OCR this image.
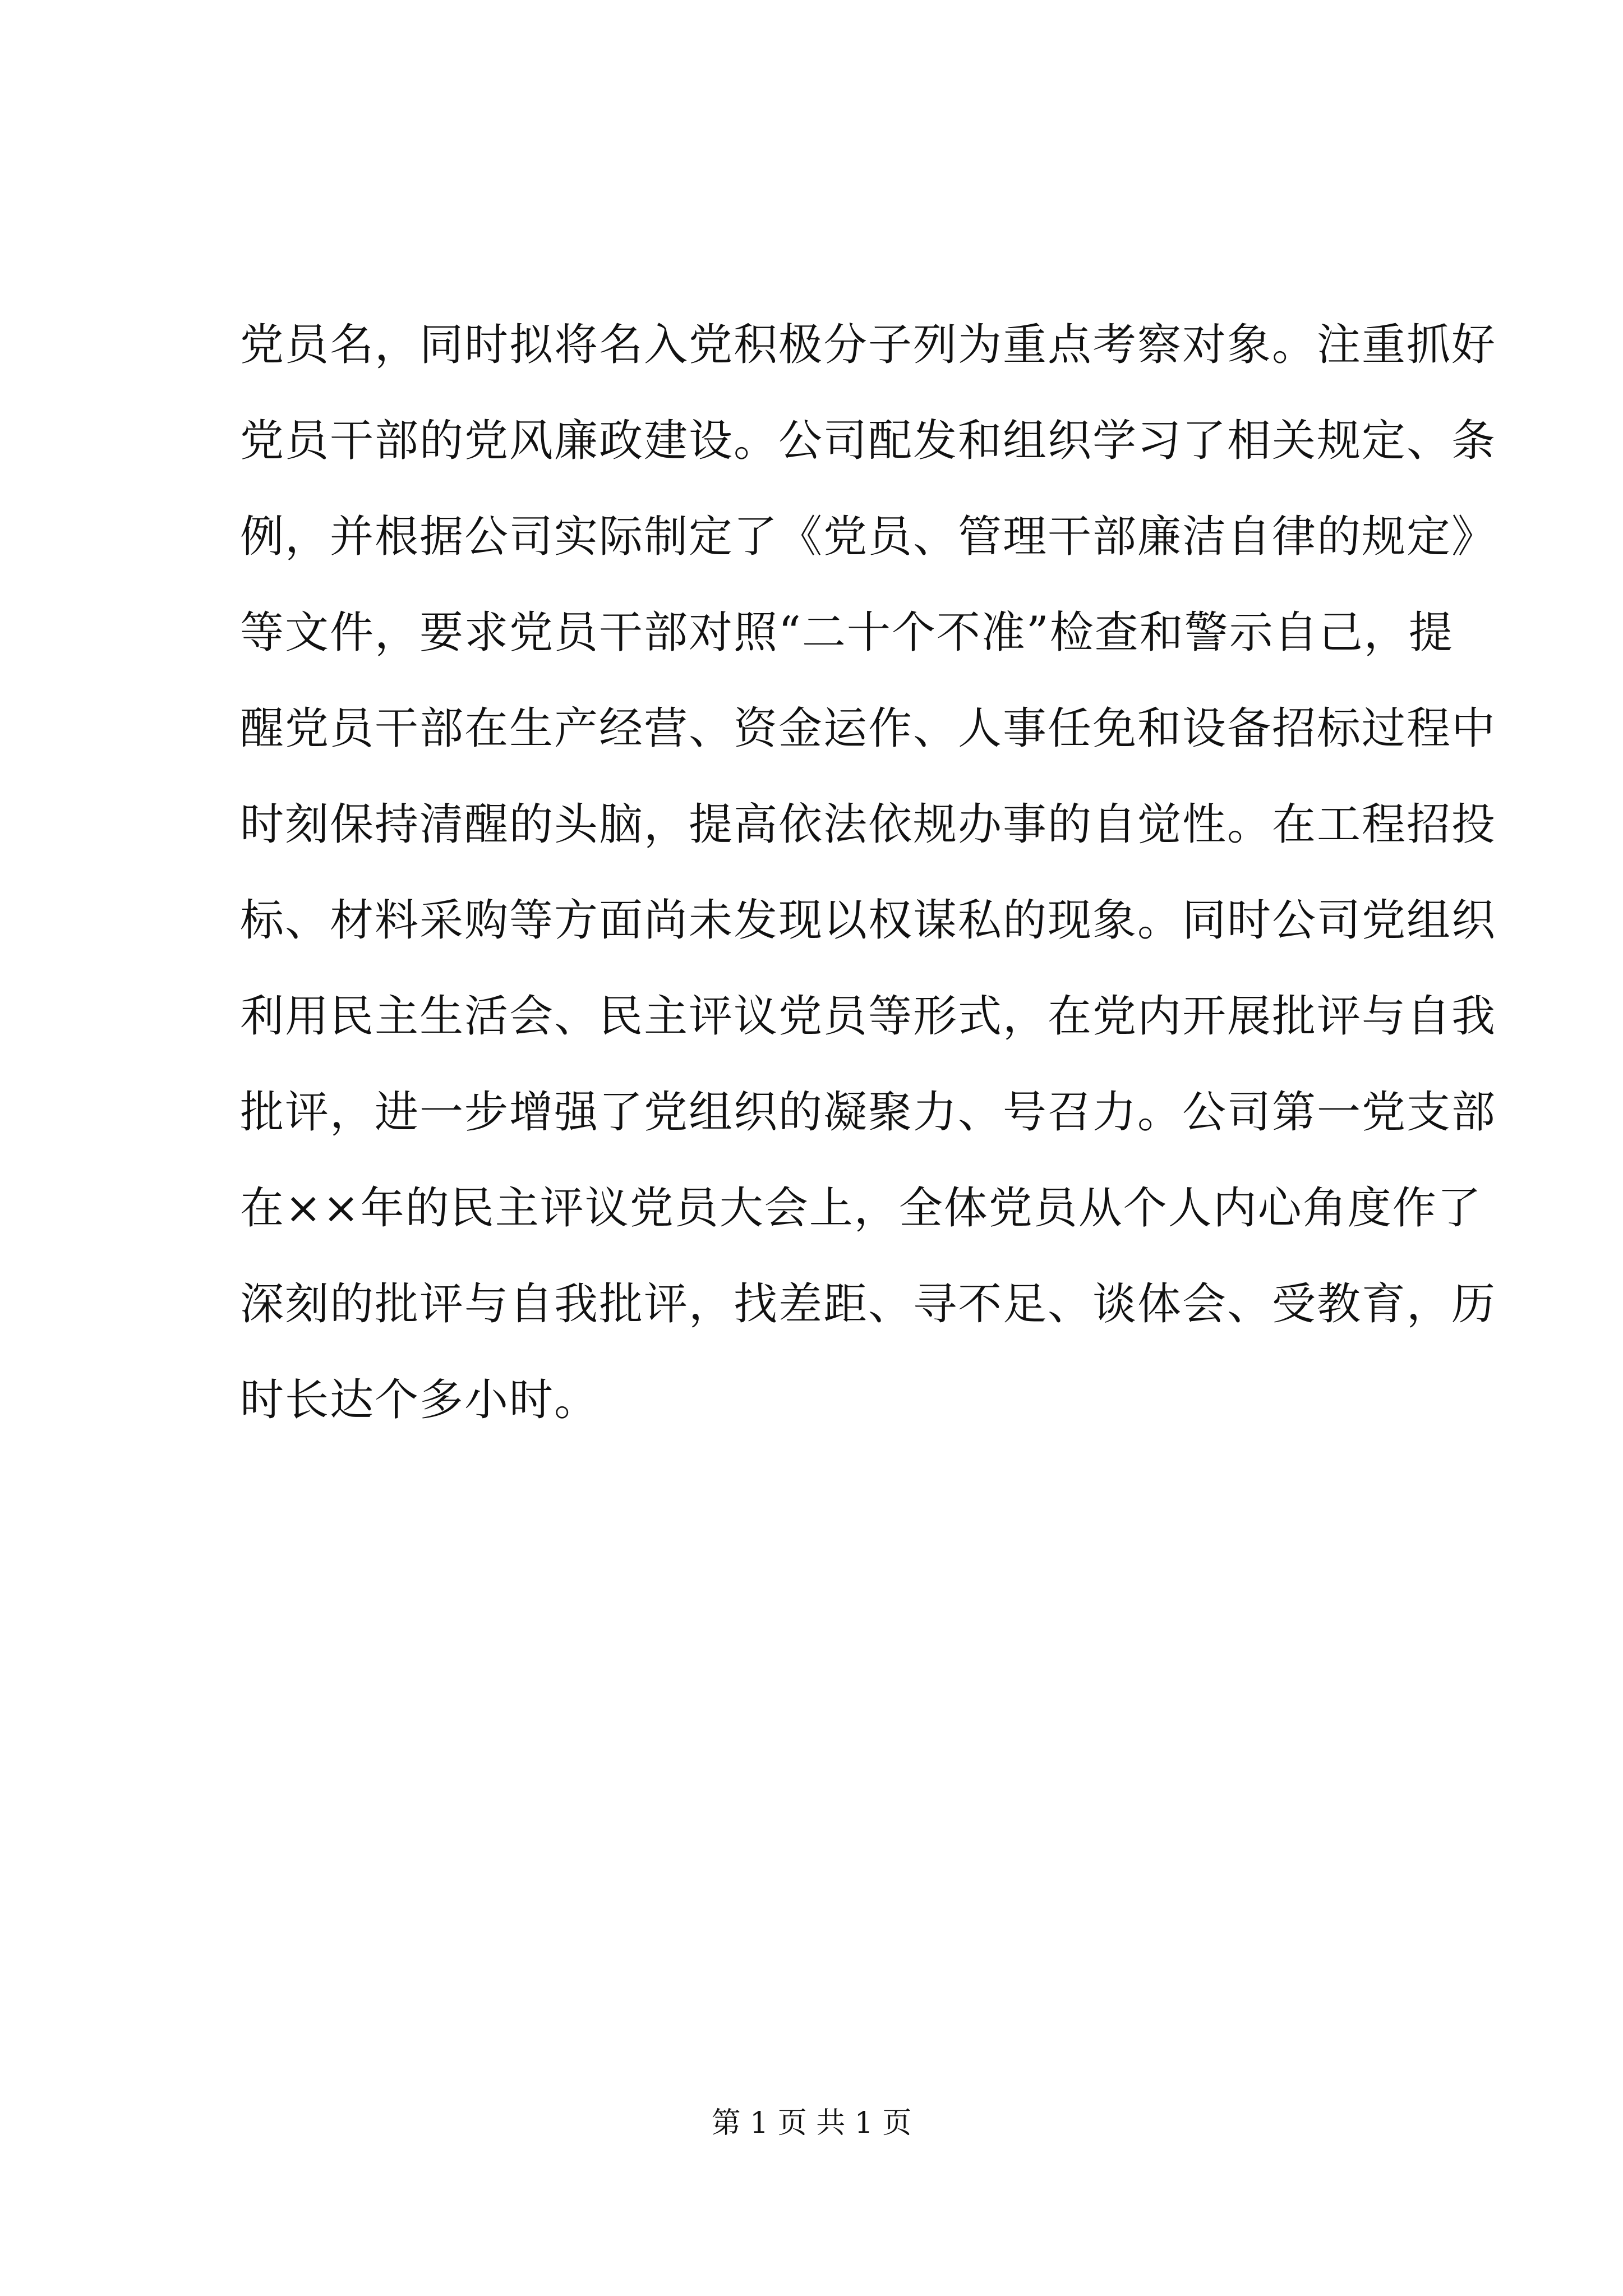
党员名，同时拟将名入党积极分子列为重点考察对象。注重抓好
党员干部的党风廉政建设。公司配发和组织学习了相关规定、条
例，并根据公司实际制定了《党员、管理干部廉洁自律的规定》
等文件，要求党员干部对照“二十个不准”检查和警示自己，提
醒党员干部在生产经营、资金运作、人事任免和设备招标过程中
时刻保持清醒的头脑，提高依法依规办事的自觉性。在工程招投
标、材料采购等方面尚未发现以权谋私的现象。同时公司党组织
利用民主生活会、民主评议党员等形式，在党内开展批评与自我
批评，进一步增强了党组织的凝聚力、号召力。公司第一党支部
在××年的民主评议党员大会上，全体党员从个人内心角度作了
深刻的批评与自我批评，找差距、寻不足、谈体会、受教育，历
时长达个多小时。
第 1 页 共 1 页
